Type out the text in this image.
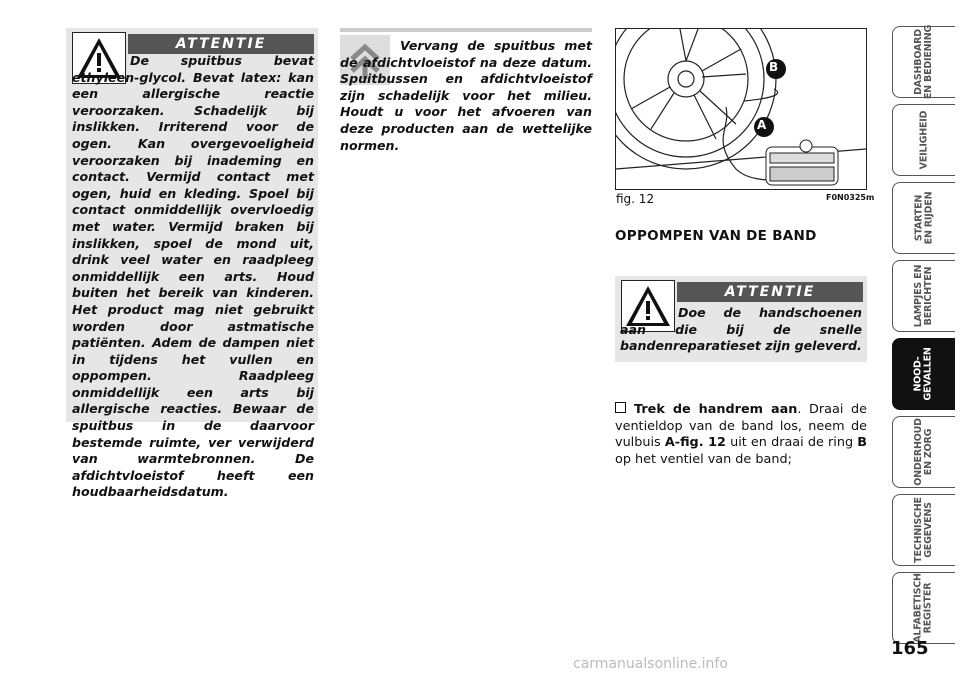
ATTENTIE

De spuitbus bevat ethyleen-glycol. Bevat latex: kan een allergische reactie veroorzaken. Schadelijk bij inslikken. Irriterend voor de ogen. Kan overgevoeligheid veroorzaken bij inademing en contact. Vermijd contact met ogen, huid en kleding. Spoel bij contact onmiddellijk overvloedig met water. Vermijd braken bij inslikken, spoel de mond uit, drink veel water en raadpleeg onmiddellijk een arts. Houd buiten het bereik van kinderen. Het product mag niet gebruikt worden door astmatische patiënten. Adem de dampen niet in tijdens het vullen en oppompen. Raadpleeg onmiddellijk een arts bij allergische reacties. Bewaar de spuitbus in de daarvoor bestemde ruimte, ver verwijderd van warmtebronnen. De afdichtvloeistof heeft een houdbaarheidsdatum.

Vervang de spuitbus met de afdichtvloeistof na deze datum. Spuitbussen en afdichtvloeistof zijn schadelijk voor het milieu. Houdt u voor het afvoeren van deze producten aan de wettelijke normen.

B
A
fig. 12	F0N0325m
OPPOMPEN VAN DE BAND
ATTENTIE

Doe de handschoenen aan die bij de snelle bandenreparatieset zijn geleverd.

Trek de handrem aan. Draai de ventieldop van de band los, neem de vulbuis A-fig. 12 uit en draai de ring B op het ventiel van de band;

DASHBOARD
EN BEDIENING
VEILIGHEID
STARTEN
EN RIJDEN
LAMPJES EN
BERICHTEN
NOOD-
GEVALLEN
ONDERHOUD
EN ZORG
TECHNISCHE
GEGEVENS
ALFABETISCH
REGISTER
165
carmanualsonline.info
